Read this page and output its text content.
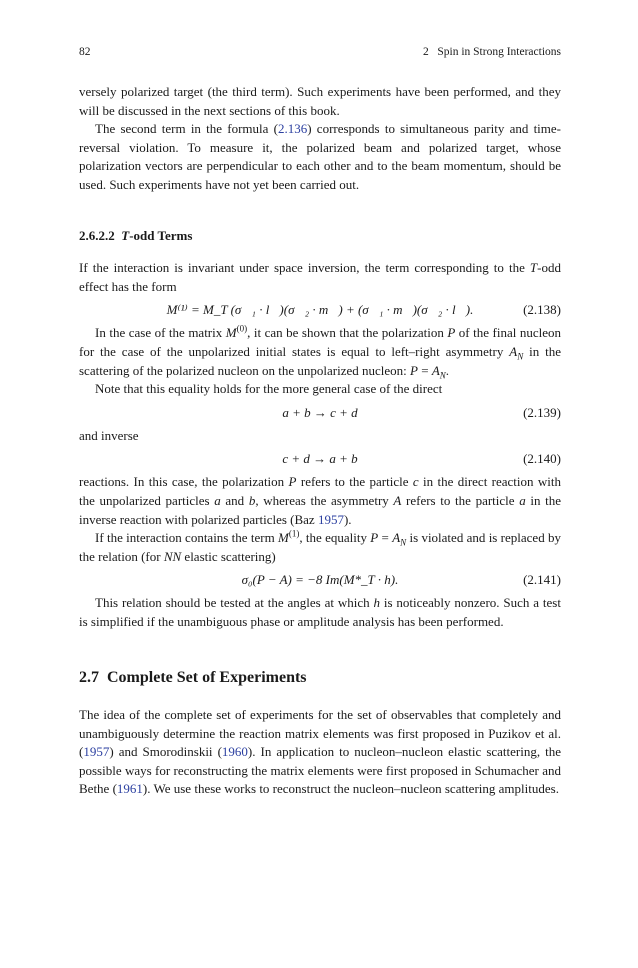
82	2   Spin in Strong Interactions

versely polarized target (the third term). Such experiments have been performed, and they will be discussed in the next sections of this book.

The second term in the formula (2.136) corresponds to simultaneous parity and time-reversal violation. To measure it, the polarized beam and polarized target, whose polarization vectors are perpendicular to each other and to the beam momentum, should be used. Such experiments have not yet been carried out.

2.6.2.2 T-odd Terms

If the interaction is invariant under space inversion, the term corresponding to the T-odd effect has the form

M⁽¹⁾ = M_T (σ⃗₁ · l⃗)(σ⃗₂ · m⃗) + (σ⃗₁ · m⃗)(σ⃗₂ · l⃗).	(2.138)

In the case of the matrix $M^{(0)}$, it can be shown that the polarization P of the final nucleon for the case of the unpolarized initial states is equal to left–right asymmetry $A_N$ in the scattering of the polarized nucleon on the unpolarized nucleon: $P = A_N$.

Note that this equality holds for the more general case of the direct

a + b → c + d	(2.139)

and inverse

c + d → a + b	(2.140)

reactions. In this case, the polarization P refers to the particle c in the direct reaction with the unpolarized particles a and b, whereas the asymmetry A refers to the particle a in the inverse reaction with polarized particles (Baz 1957).

If the interaction contains the term $M^{(1)}$, the equality $P = A_N$ is violated and is replaced by the relation (for NN elastic scattering)

σ₀(P − A) = −8 Im(M*_T · h).	(2.141)

This relation should be tested at the angles at which h is noticeably nonzero. Such a test is simplified if the unambiguous phase or amplitude analysis has been performed.

2.7 Complete Set of Experiments

The idea of the complete set of experiments for the set of observables that completely and unambiguously determine the reaction matrix elements was first proposed in Puzikov et al. (1957) and Smorodinskii (1960). In application to nucleon–nucleon elastic scattering, the possible ways for reconstructing the matrix elements were first proposed in Schumacher and Bethe (1961). We use these works to reconstruct the nucleon–nucleon scattering amplitudes.
